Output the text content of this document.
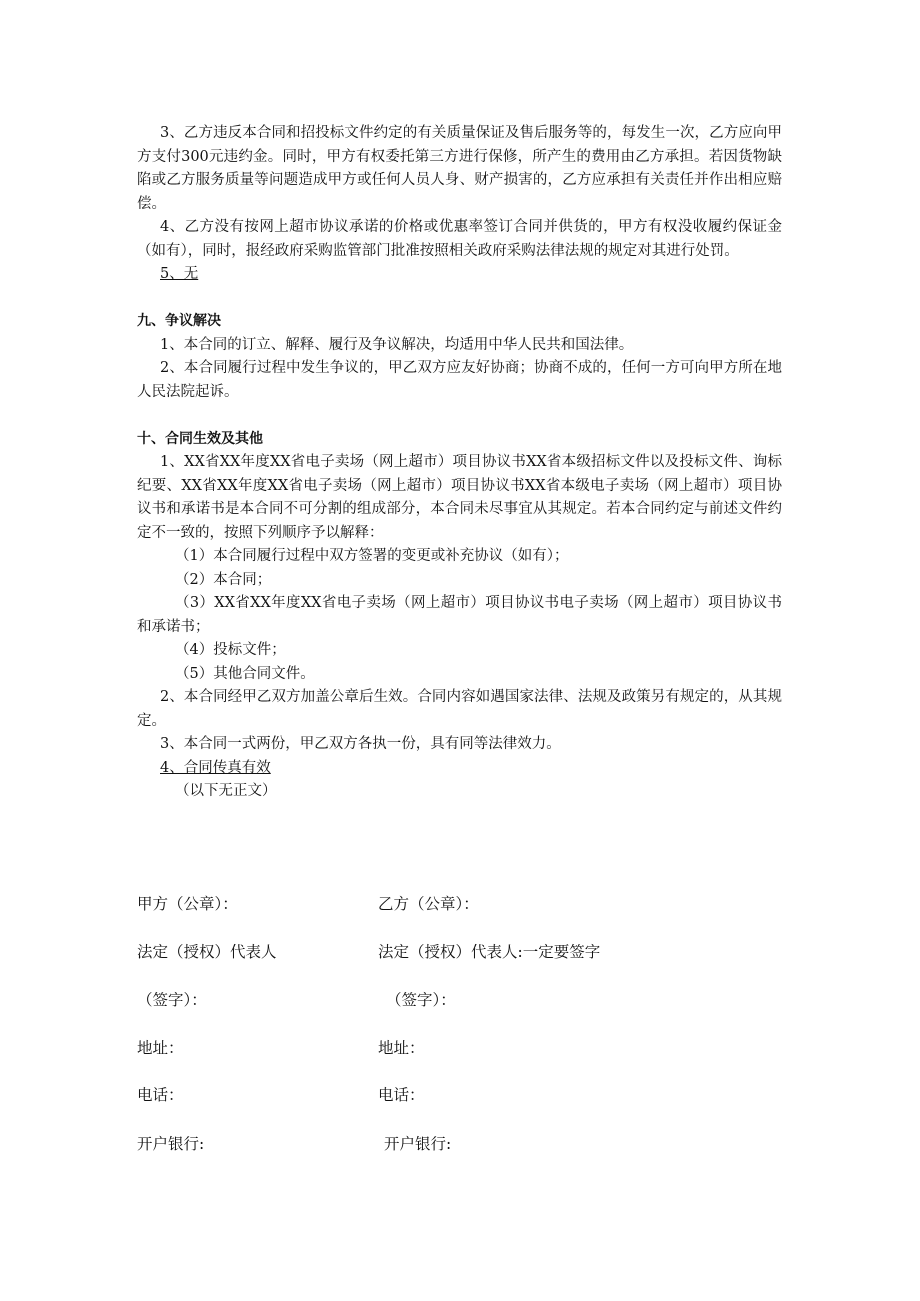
3、乙方违反本合同和招投标文件约定的有关质量保证及售后服务等的，每发生一次，乙方应向甲方支付300元违约金。同时，甲方有权委托第三方进行保修，所产生的费用由乙方承担。若因货物缺陷或乙方服务质量等问题造成甲方或任何人员人身、财产损害的，乙方应承担有关责任并作出相应赔偿。

4、乙方没有按网上超市协议承诺的价格或优惠率签订合同并供货的，甲方有权没收履约保证金（如有），同时，报经政府采购监管部门批准按照相关政府采购法律法规的规定对其进行处罚。

5、无

九、争议解决

1、本合同的订立、解释、履行及争议解决，均适用中华人民共和国法律。

2、本合同履行过程中发生争议的，甲乙双方应友好协商；协商不成的，任何一方可向甲方所在地人民法院起诉。

十、合同生效及其他

1、XX省XX年度XX省电子卖场（网上超市）项目协议书XX省本级招标文件以及投标文件、询标纪要、XX省XX年度XX省电子卖场（网上超市）项目协议书XX省本级电子卖场（网上超市）项目协议书和承诺书是本合同不可分割的组成部分，本合同未尽事宜从其规定。若本合同约定与前述文件约定不一致的，按照下列顺序予以解释：

（1）本合同履行过程中双方签署的变更或补充协议（如有）；

（2）本合同；

（3）XX省XX年度XX省电子卖场（网上超市）项目协议书电子卖场（网上超市）项目协议书和承诺书；

（4）投标文件；

（5）其他合同文件。

2、本合同经甲乙双方加盖公章后生效。合同内容如遇国家法律、法规及政策另有规定的，从其规定。

3、本合同一式两份，甲乙双方各执一份，具有同等法律效力。

4、合同传真有效

（以下无正文）

甲方（公章）：
法定（授权）代表人
（签字）：
地址：
电话：
开户银行:
乙方（公章）：
法定（授权）代表人:一定要签字
（签字）：
地址：
电话：
开户银行:
